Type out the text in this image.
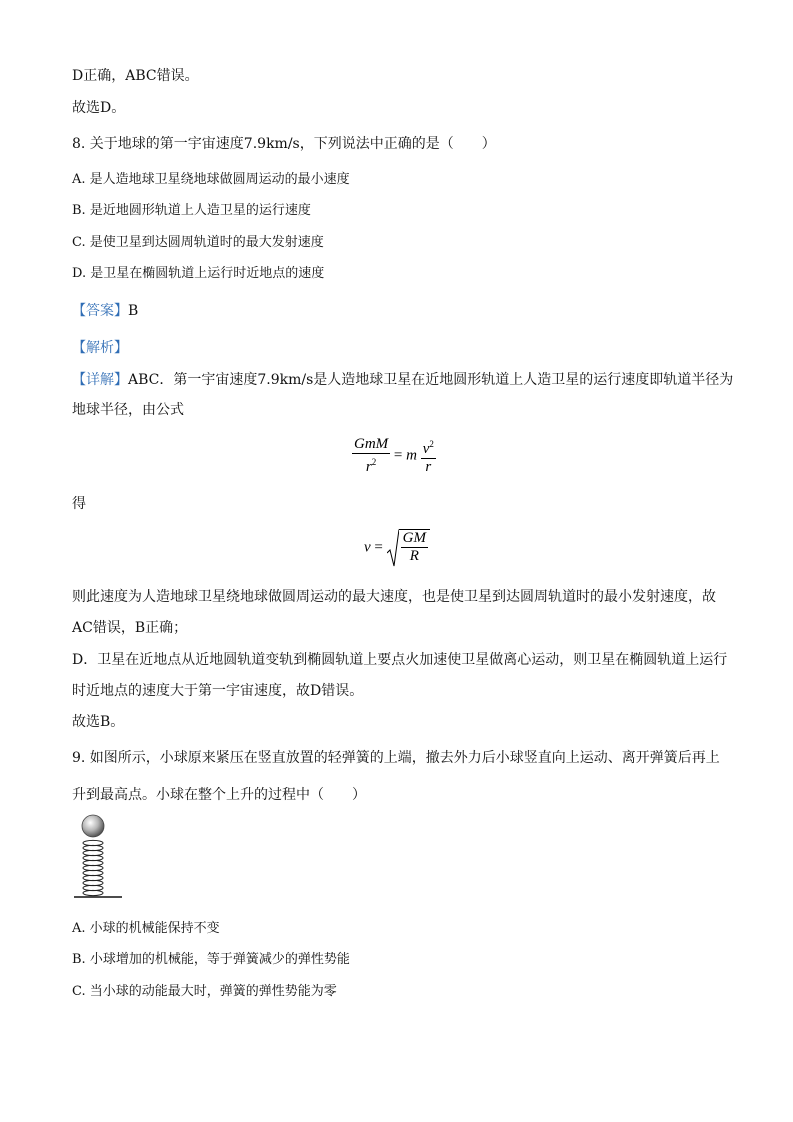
D正确，ABC错误。
故选D。
8. 关于地球的第一宇宙速度7.9km/s，下列说法中正确的是（　　）
A. 是人造地球卫星绕地球做圆周运动的最小速度
B. 是近地圆形轨道上人造卫星的运行速度
C. 是使卫星到达圆周轨道时的最大发射速度
D. 是卫星在椭圆轨道上运行时近地点的速度
【答案】B
【解析】
【详解】ABC．第一宇宙速度7.9km/s是人造地球卫星在近地圆形轨道上人造卫星的运行速度即轨道半径为
地球半径，由公式
$\frac{\text{GmM}}{r^2} = m \frac{v^2}{r}$
得
$v = \frac{GM}{R}$
则此速度为人造地球卫星绕地球做圆周运动的最大速度，也是使卫星到达圆周轨道时的最小发射速度，故
AC错误，B正确；
D．卫星在近地点从近地圆轨道变轨到椭圆轨道上要点火加速使卫星做离心运动，则卫星在椭圆轨道上运行
时近地点的速度大于第一宇宙速度，故D错误。
故选B。
9. 如图所示，小球原来紧压在竖直放置的轻弹簧的上端，撤去外力后小球竖直向上运动、离开弹簧后再上
升到最高点。小球在整个上升的过程中（　　）
A. 小球的机械能保持不变
B. 小球增加的机械能，等于弹簧减少的弹性势能
C. 当小球的动能最大时，弹簧的弹性势能为零
